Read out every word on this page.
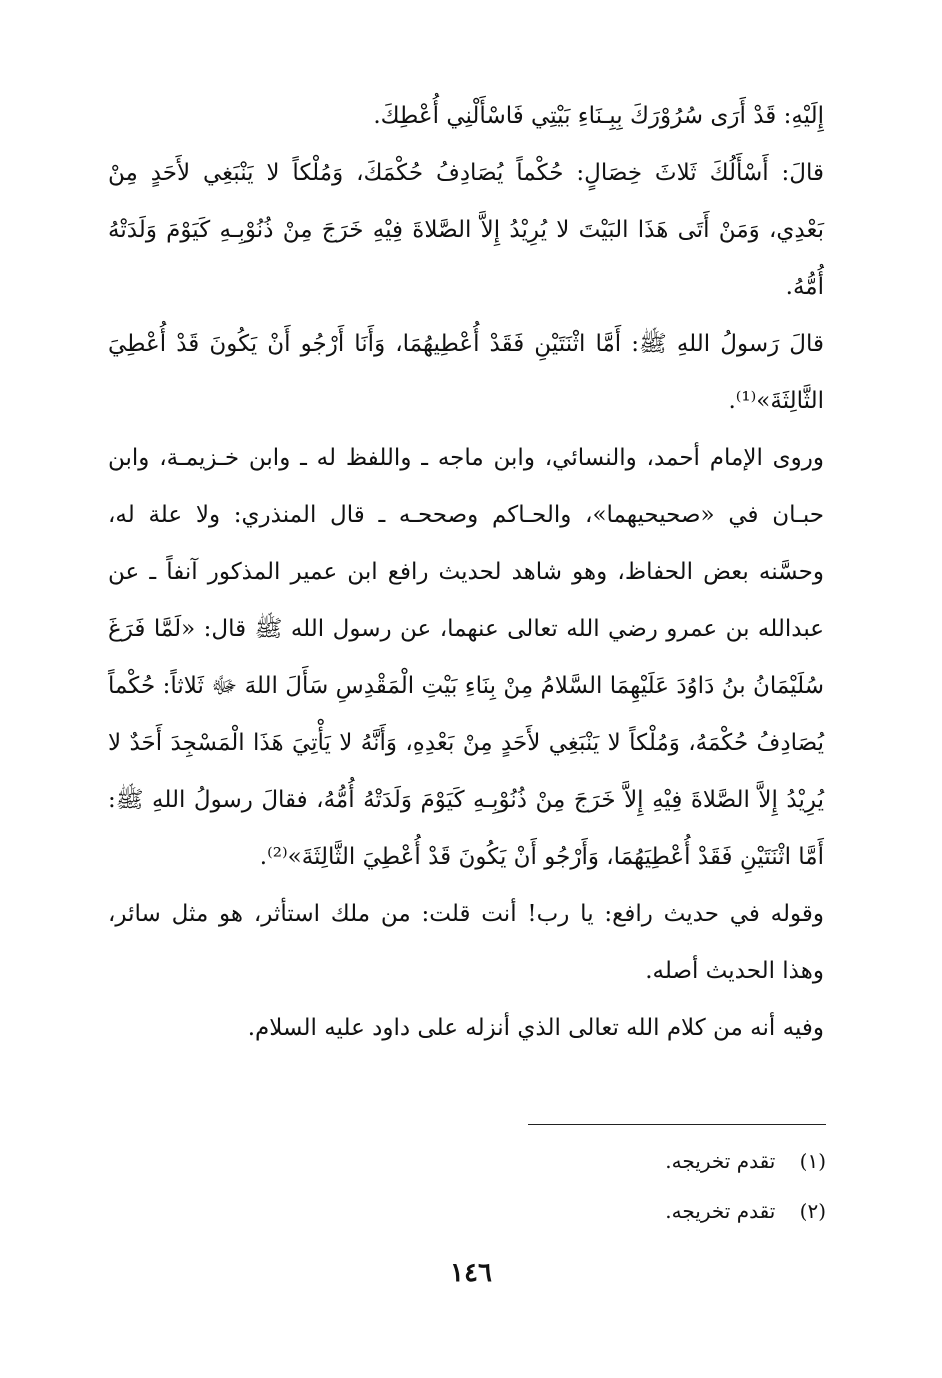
إِلَيْهِ: قَدْ أَرَى سُرُوْرَكَ بِبِـنَاءِ بَيْتِي فَاسْأَلْنِي أُعْطِكَ.

قالَ: أَسْأَلُكَ ثَلاثَ خِصَالٍ: حُكْماً يُصَادِفُ حُكْمَكَ، وَمُلْكاً لا يَنْبَغِي لأَحَدٍ مِنْ بَعْدِي، وَمَنْ أَتَى هَذَا البَيْتَ لا يُرِيْدُ إِلاَّ الصَّلاةَ فِيْهِ خَرَجَ مِنْ ذُنُوْبِـهِ كَيَوْمَ وَلَدَتْهُ أُمُّهُ.

قالَ رَسولُ اللهِ ﷺ: أَمَّا اثْنَتَيْنِ فَقَدْ أُعْطِيهُمَا، وَأَنَا أَرْجُو أَنْ يَكُونَ قَدْ أُعْطِيَ الثَّالِثَةَ»⁽¹⁾.

وروى الإمام أحمد، والنسائي، وابن ماجه ـ واللفظ له ـ وابن خـزيمـة، وابن حبـان في «صحيحيهما»، والحـاكم وصححـه ـ قال المنذري: ولا علة له، وحسَّنه بعض الحفاظ، وهو شاهد لحديث رافع ابن عمير المذكور آنفاً ـ عن عبدالله بن عمرو رضي الله تعالى عنهما، عن رسول الله ﷺ قال: «لَمَّا فَرَغَ سُلَيْمَانُ بنُ دَاوُدَ عَلَيْهِمَا السَّلامُ مِنْ بِنَاءِ بَيْتِ الْمَقْدِسِ سَأَلَ اللهَ ﷻ ثَلاثاً: حُكْماً يُصَادِفُ حُكْمَهُ، وَمُلْكاً لا يَنْبَغِي لأَحَدٍ مِنْ بَعْدِهِ، وَأَنَّهُ لا يَأْتِيَ هَذَا الْمَسْجِدَ أَحَدٌ لا يُرِيْدُ إِلاَّ الصَّلاةَ فِيْهِ إِلاَّ خَرَجَ مِنْ ذُنُوْبِـهِ كَيَوْمَ وَلَدَتْهُ أُمُّهُ، فقالَ رسولُ اللهِ ﷺ: أَمَّا اثْنَتَيْنِ فَقَدْ أُعْطِيَهُمَا، وَأَرْجُو أَنْ يَكُونَ قَدْ أُعْطِيَ الثَّالِثَةَ»⁽²⁾.

وقوله في حديث رافع: يا رب! أنت قلت: من ملك استأثر، هو مثل سائر، وهذا الحديث أصله.

وفيه أنه من كلام الله تعالى الذي أنزله على داود عليه السلام.

(١) تقدم تخريجه.

(٢) تقدم تخريجه.

١٤٦
